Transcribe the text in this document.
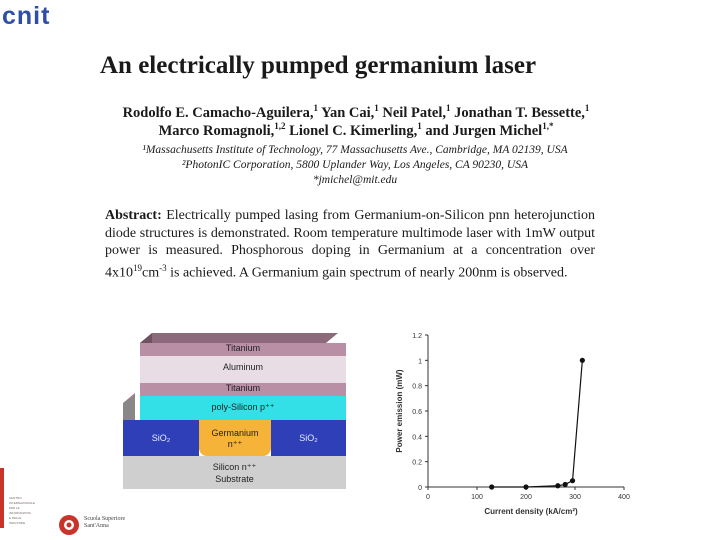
cnit
An electrically pumped germanium laser
Rodolfo E. Camacho-Aguilera,$^1$ Yan Cai,$^1$ Neil Patel,$^1$ Jonathan T. Bessette,$^1$
Marco Romagnoli,$^{1,2}$ Lionel C. Kimerling,$^1$ and Jurgen Michel$^{1,*}$
¹Massachusetts Institute of Technology, 77 Massachusetts Ave., Cambridge, MA 02139, USA
²PhotonIC Corporation, 5800 Uplander Way, Los Angeles, CA 90230, USA
*jmichel@mit.edu
Abstract: Electrically pumped lasing from Germanium-on-Silicon pnn heterojunction diode structures is demonstrated. Room temperature multimode laser with 1mW output power is measured. Phosphorous doping in Germanium at a concentration over $4x10^{19}cm^{-3}$ is achieved. A Germanium gain spectrum of nearly 200nm is observed.
Titanium
Aluminum
Titanium
poly-Silicon p⁺⁺
SiO₂	Germanium
n⁺⁺
SiO₂
Silicon n⁺⁺
Substrate
0
0.2
0.4
0.6
0.8
1
1.2
0	100	200	300	400
Current density (kA/cm²)
Power emission (mW)
CENTRO
INTERNAZIONALE
PER LE
INFORMAZIONI
E DELLE
INDUSTRIE
Scuola Superiore
Sant'Anna
